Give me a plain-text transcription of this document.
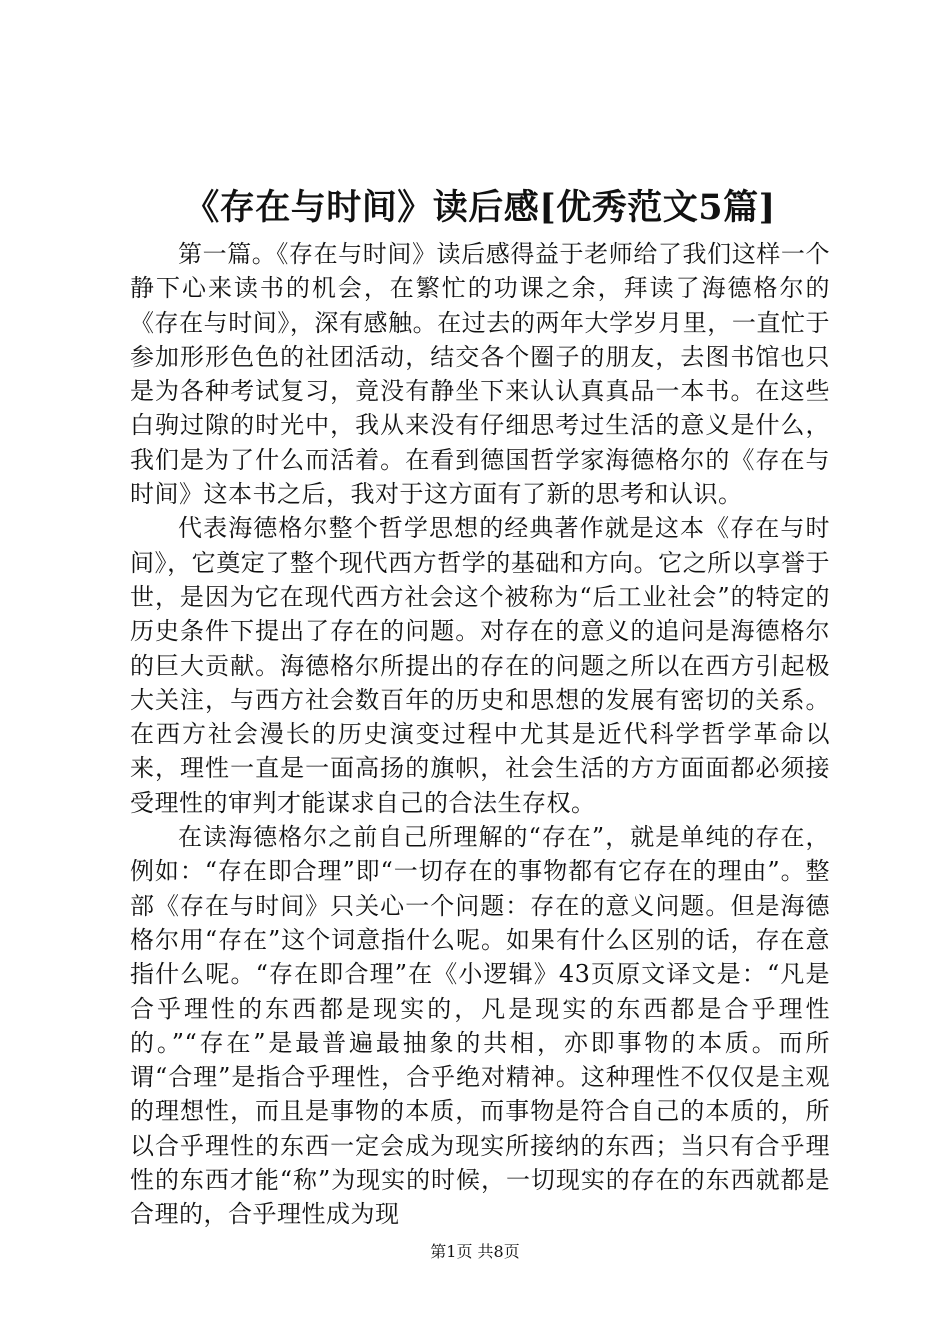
《存在与时间》读后感[优秀范文5篇]

第一篇。《存在与时间》读后感得益于老师给了我们这样一个静下心来读书的机会，在繁忙的功课之余，拜读了海德格尔的《存在与时间》，深有感触。在过去的两年大学岁月里，一直忙于参加形形色色的社团活动，结交各个圈子的朋友，去图书馆也只是为各种考试复习，竟没有静坐下来认认真真品一本书。在这些白驹过隙的时光中，我从来没有仔细思考过生活的意义是什么，我们是为了什么而活着。在看到德国哲学家海德格尔的《存在与时间》这本书之后，我对于这方面有了新的思考和认识。

代表海德格尔整个哲学思想的经典著作就是这本《存在与时间》，它奠定了整个现代西方哲学的基础和方向。它之所以享誉于世，是因为它在现代西方社会这个被称为“后工业社会”的特定的历史条件下提出了存在的问题。对存在的意义的追问是海德格尔的巨大贡献。海德格尔所提出的存在的问题之所以在西方引起极大关注，与西方社会数百年的历史和思想的发展有密切的关系。在西方社会漫长的历史演变过程中尤其是近代科学哲学革命以来，理性一直是一面高扬的旗帜，社会生活的方方面面都必须接受理性的审判才能谋求自己的合法生存权。

在读海德格尔之前自己所理解的“存在”，就是单纯的存在，例如：“存在即合理”即“一切存在的事物都有它存在的理由”。整部《存在与时间》只关心一个问题：存在的意义问题。但是海德格尔用“存在”这个词意指什么呢。如果有什么区别的话，存在意指什么呢。“存在即合理”在《小逻辑》43页原文译文是：“凡是合乎理性的东西都是现实的，凡是现实的东西都是合乎理性的。”“存在”是最普遍最抽象的共相，亦即事物的本质。而所谓“合理”是指合乎理性，合乎绝对精神。这种理性不仅仅是主观的理想性，而且是事物的本质，而事物是符合自己的本质的，所以合乎理性的东西一定会成为现实所接纳的东西；当只有合乎理性的东西才能“称”为现实的时候，一切现实的存在的东西就都是合理的，合乎理性成为现

第1页 共8页
